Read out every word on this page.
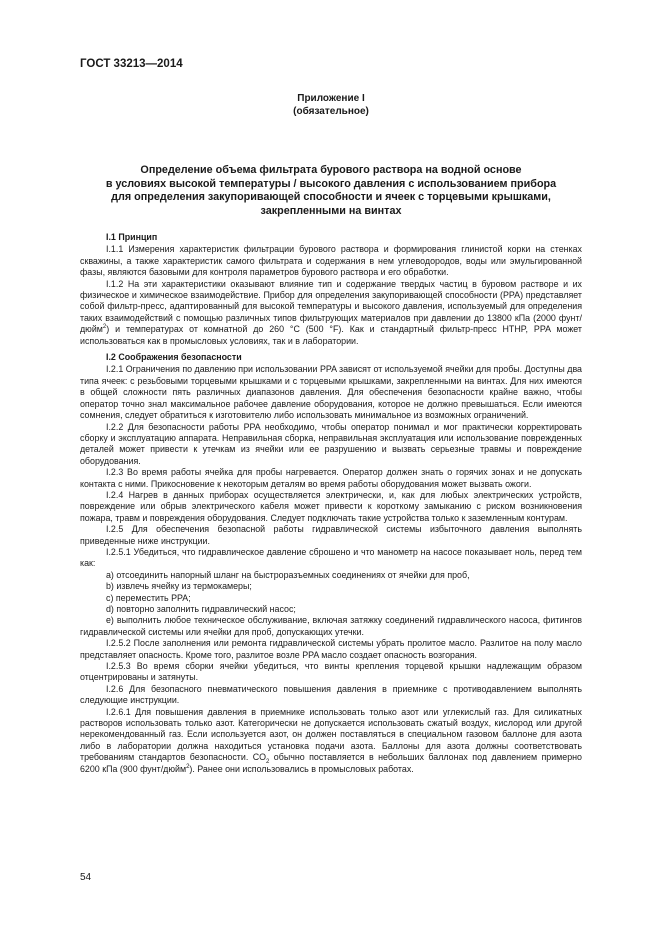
ГОСТ 33213—2014
Приложение I
(обязательное)
Определение объема фильтрата бурового раствора на водной основе
в условиях высокой температуры / высокого давления с использованием прибора
для определения закупоривающей способности и ячеек с торцевыми крышками,
закрепленными на винтах

I.1 Принцип

I.1.1 Измерения характеристик фильтрации бурового раствора и формирования глинистой корки на стенках скважины, а также характеристик самого фильтрата и содержания в нем углеводородов, воды или эмульгированной фазы, являются базовыми для контроля параметров бурового раствора и его обработки.

I.1.2 На эти характеристики оказывают влияние тип и содержание твердых частиц в буровом растворе и их физическое и химическое взаимодействие. Прибор для определения закупоривающей способности (PPA) представляет собой фильтр-пресс, адаптированный для высокой температуры и высокого давления, используемый для определения таких взаимодействий с помощью различных типов фильтрующих материалов при давлении до 13800 кПа (2000 фунт/дюйм$^2$) и температурах от комнатной до 260 °С (500 °F). Как и стандартный фильтр-пресс HTHP, PPA может использоваться как в промысловых условиях, так и в лаборатории.

I.2 Соображения безопасности

I.2.1 Ограничения по давлению при использовании PPA зависят от используемой ячейки для пробы. Доступны два типа ячеек: с резьбовыми торцевыми крышками и с торцевыми крышками, закрепленными на винтах. Для них имеются в общей сложности пять различных диапазонов давления. Для обеспечения безопасности крайне важно, чтобы оператор точно знал максимальное рабочее давление оборудования, которое не должно превышаться. Если имеются сомнения, следует обратиться к изготовителю либо использовать минимальное из возможных ограничений.

I.2.2 Для безопасности работы PPA необходимо, чтобы оператор понимал и мог практически корректировать сборку и эксплуатацию аппарата. Неправильная сборка, неправильная эксплуатация или использование поврежденных деталей может привести к утечкам из ячейки или ее разрушению и вызвать серьезные травмы и повреждение оборудования.

I.2.3 Во время работы ячейка для пробы нагревается. Оператор должен знать о горячих зонах и не допускать контакта с ними. Прикосновение к некоторым деталям во время работы оборудования может вызвать ожоги.

I.2.4 Нагрев в данных приборах осуществляется электрически, и, как для любых электрических устройств, повреждение или обрыв электрического кабеля может привести к короткому замыканию с риском возникновения пожара, травм и повреждения оборудования. Следует подключать такие устройства только к заземленным контурам.

I.2.5 Для обеспечения безопасной работы гидравлической системы избыточного давления выполнять приведенные ниже инструкции.

I.2.5.1 Убедиться, что гидравлическое давление сброшено и что манометр на насосе показывает ноль, перед тем как:

a) отсоединить напорный шланг на быстроразъемных соединениях от ячейки для проб,

b) извлечь ячейку из термокамеры;

c) переместить PPA;

d) повторно заполнить гидравлический насос;

e) выполнить любое техническое обслуживание, включая затяжку соединений гидравлического насоса, фитингов гидравлической системы или ячейки для проб, допускающих утечки.

I.2.5.2 После заполнения или ремонта гидравлической системы убрать пролитое масло. Разлитое на полу масло представляет опасность. Кроме того, разлитое возле PPA масло создает опасность возгорания.

I.2.5.3 Во время сборки ячейки убедиться, что винты крепления торцевой крышки надлежащим образом отцентрированы и затянуты.

I.2.6 Для безопасного пневматического повышения давления в приемнике с противодавлением выполнять следующие инструкции.

I.2.6.1 Для повышения давления в приемнике использовать только азот или углекислый газ. Для силикатных растворов использовать только азот. Категорически не допускается использовать сжатый воздух, кислород или другой нерекомендованный газ. Если используется азот, он должен поставляться в специальном газовом баллоне для азота либо в лаборатории должна находиться установка подачи азота. Баллоны для азота должны соответствовать требованиям стандартов безопасности. $CO_2$ обычно поставляется в небольших баллонах под давлением примерно 6200 кПа (900 фунт/дюйм$^2$). Ранее они использовались в промысловых работах.

54
